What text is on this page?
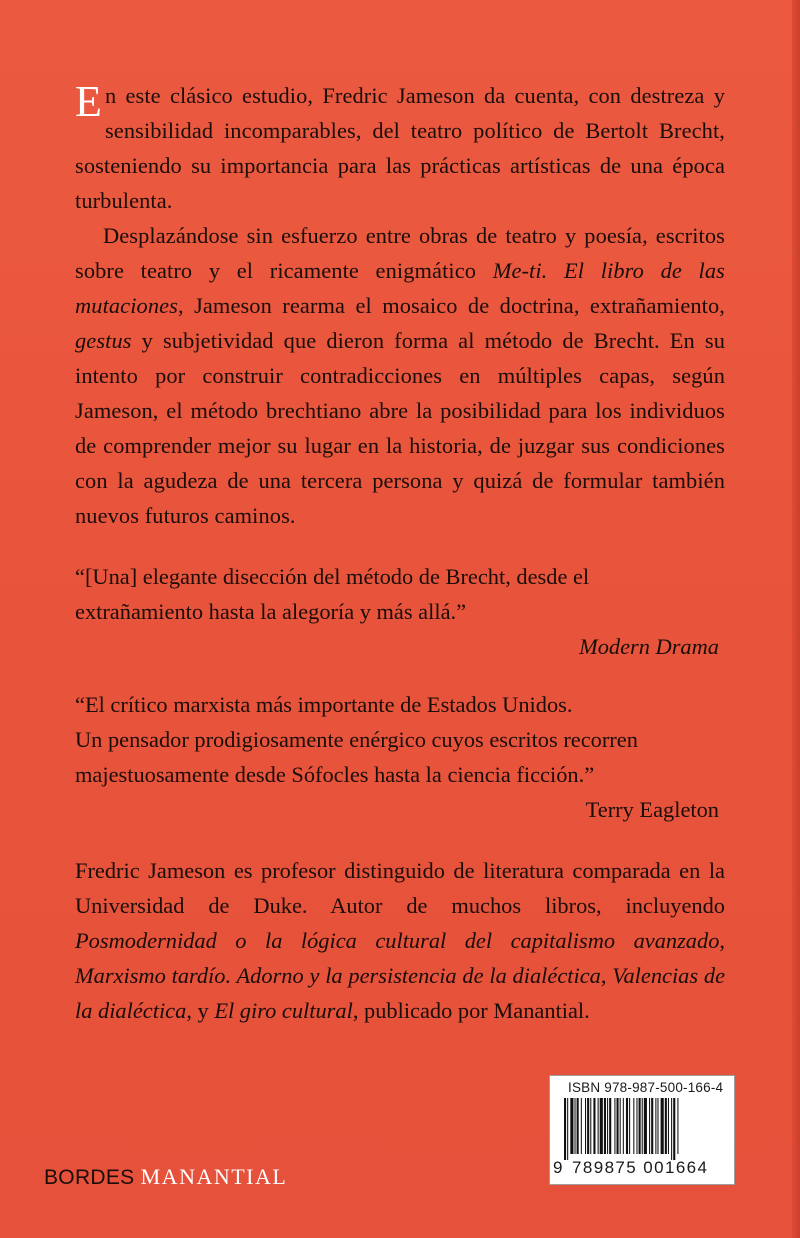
En este clásico estudio, Fredric Jameson da cuenta, con destreza y sensibilidad incomparables, del teatro político de Bertolt Brecht, sosteniendo su importancia para las prácticas artísticas de una época turbulenta.

Desplazándose sin esfuerzo entre obras de teatro y poesía, escritos sobre teatro y el ricamente enigmático Me-ti. El libro de las mutaciones, Jameson rearma el mosaico de doctrina, extrañamiento, gestus y subjetividad que dieron forma al método de Brecht. En su intento por construir contradicciones en múltiples capas, según Jameson, el método brechtiano abre la posibilidad para los individuos de comprender mejor su lugar en la historia, de juzgar sus condiciones con la agudeza de una tercera persona y quizá de formular también nuevos futuros caminos.

“[Una] elegante disección del método de Brecht, desde el

extrañamiento hasta la alegoría y más allá.”

Modern Drama

“El crítico marxista más importante de Estados Unidos.

Un pensador prodigiosamente enérgico cuyos escritos recorren

majestuosamente desde Sófocles hasta la ciencia ficción.”

Terry Eagleton

Fredric Jameson es profesor distinguido de literatura comparada en la Universidad de Duke. Autor de muchos libros, incluyendo Posmodernidad o la lógica cultural del capitalismo avanzado, Marxismo tardío. Adorno y la persistencia de la dialéctica, Valencias de la dialéctica, y El giro cultural, publicado por Manantial.

ISBN 978-987-500-166-4
9 789875 001664
BORDES MANANTIAL
